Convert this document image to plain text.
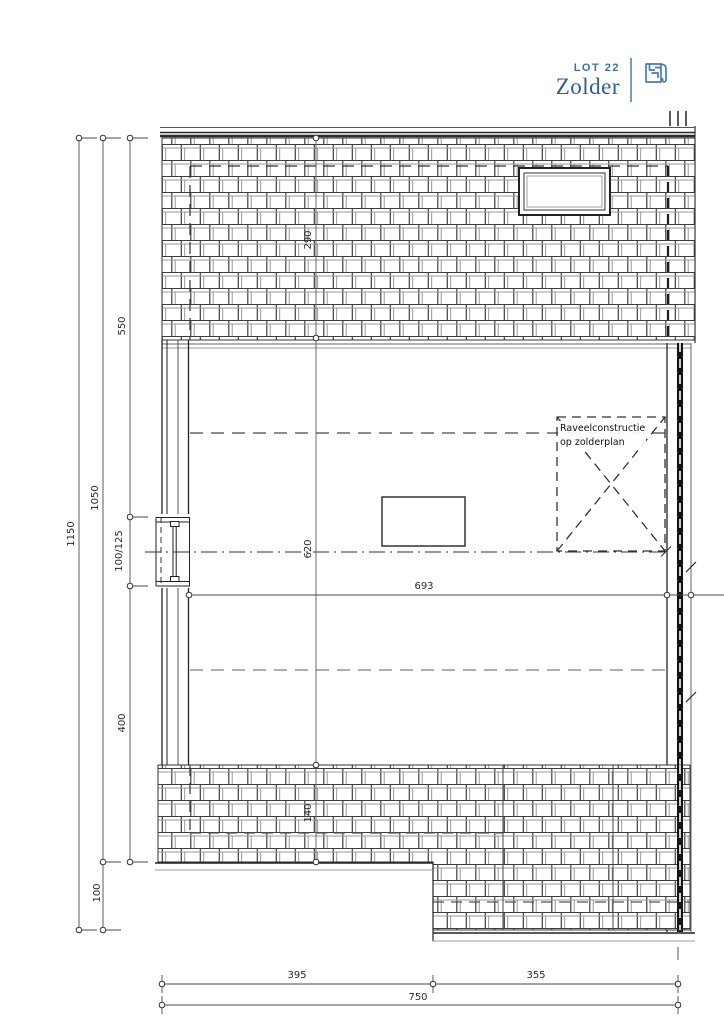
LOT 22
Zolder
Raveelconstructie
op zolderplan
290
620
140
693
1150
1050
550
100/125
400
100
395	355
750
